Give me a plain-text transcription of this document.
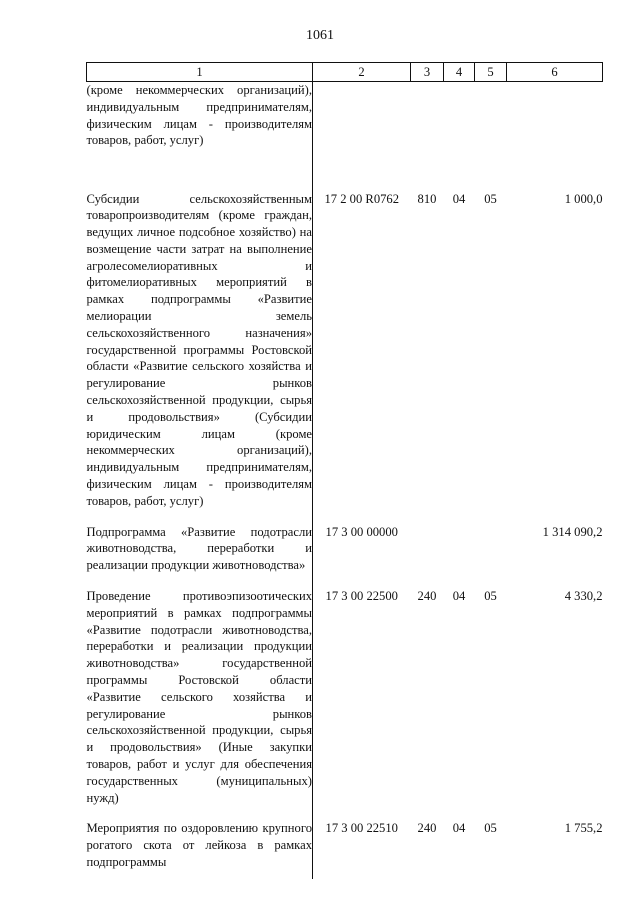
1061
1	2	3	4	5	6
(кроме некоммерческих организаций), индивидуальным предпринимателям, физическим лицам - производителям товаров, работ, услуг)					
Субсидии сельскохозяйственным товаропроизводителям (кроме граждан, ведущих личное подсобное хозяйство) на возмещение части затрат на выполнение агролесомелиоративных и фитомелиоративных мероприятий в рамках подпрограммы «Развитие мелиорации земель сельскохозяйственного назначения» государственной программы Ростовской области «Развитие сельского хозяйства и регулирование рынков сельскохозяйственной продукции, сырья и продовольствия» (Субсидии юридическим лицам (кроме некоммерческих организаций), индивидуальным предпринимателям, физическим лицам - производителям товаров, работ, услуг)	17 2 00 R0762	810	04	05	1 000,0
Подпрограмма «Развитие подотрасли животноводства, переработки и реализации продукции животноводства»	17 3 00 00000				1 314 090,2
Проведение противоэпизоотических мероприятий в рамках подпрограммы «Развитие подотрасли животноводства, переработки и реализации продукции животноводства» государственной программы Ростовской области «Развитие сельского хозяйства и регулирование рынков сельскохозяйственной продукции, сырья и продовольствия» (Иные закупки товаров, работ и услуг для обеспечения государственных (муниципальных) нужд)	17 3 00 22500	240	04	05	4 330,2
Мероприятия по оздоровлению крупного рогатого скота от лейкоза в рамках подпрограммы	17 3 00 22510	240	04	05	1 755,2
